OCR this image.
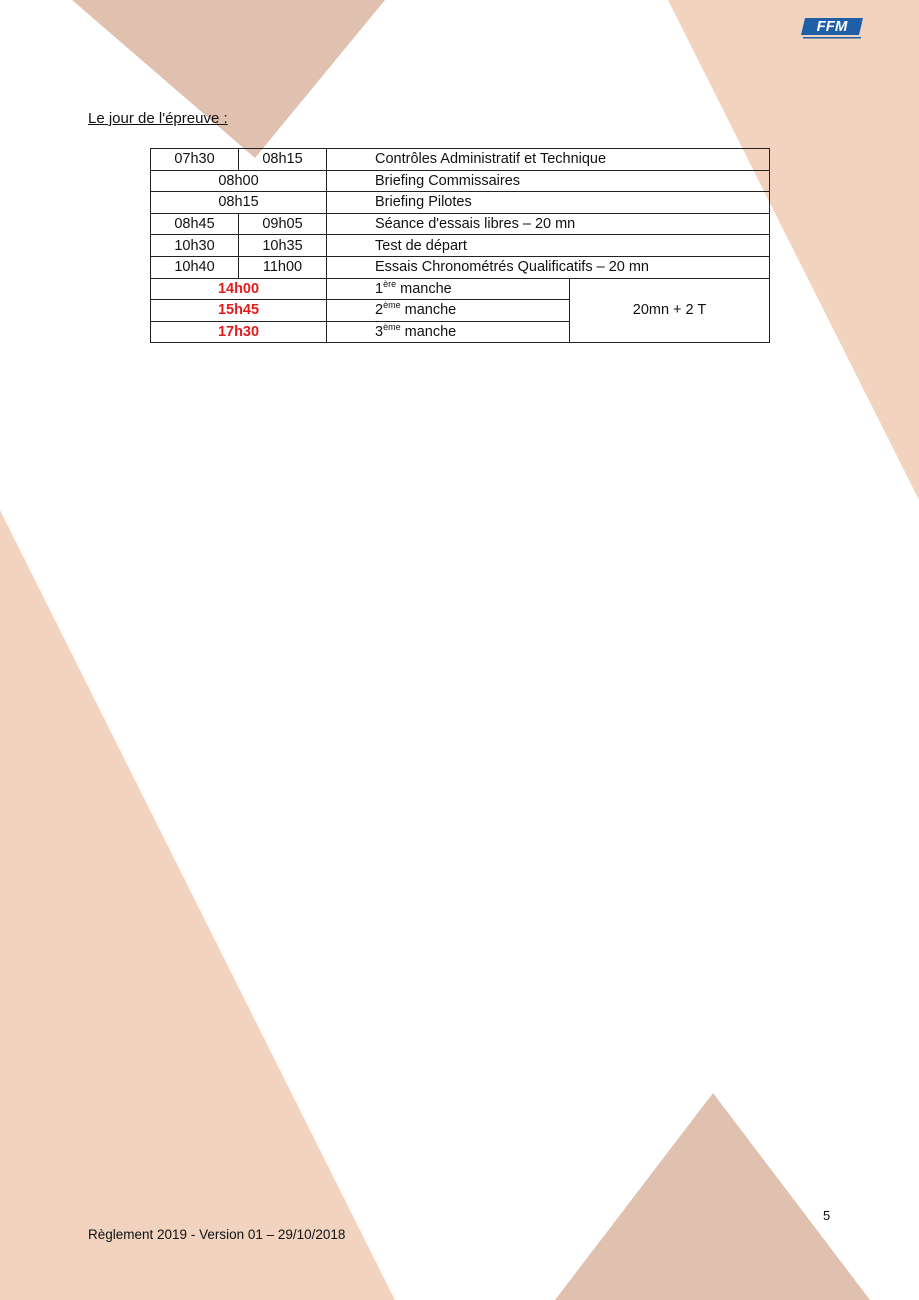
FFM
Le jour de l'épreuve :
07h30	08h15	Contrôles Administratif et Technique	
08h00		Briefing Commissaires	
08h15		Briefing Pilotes	
08h45	09h05	Séance d'essais libres – 20 mn	
10h30	10h35	Test de départ	
10h40	11h00	Essais Chronométrés Qualificatifs – 20 mn	
14h00		1ère manche	20mn + 2 T
15h45		2ème manche	
17h30		3ème manche	
5
Règlement 2019 - Version 01 – 29/10/2018
